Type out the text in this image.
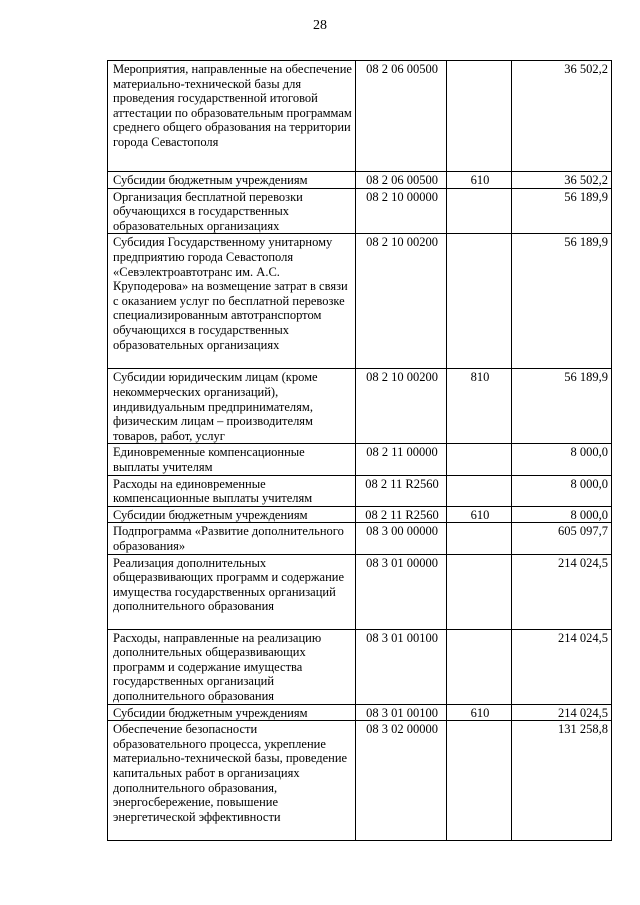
28
Мероприятия, направленные на обеспечение материально-технической базы для проведения государственной итоговой аттестации по образовательным программам среднего общего образования на территории города Севастополя	08 2 06 00500		36 502,2
Субсидии бюджетным учреждениям	08 2 06 00500	610	36 502,2
Организация бесплатной перевозки обучающихся в государственных образовательных организациях	08 2 10 00000		56 189,9
Субсидия Государственному унитарному предприятию города Севастополя «Севэлектроавтотранс им. А.С. Круподерова» на возмещение затрат в связи с оказанием услуг по бесплатной перевозке специализированным автотранспортом обучающихся в государственных образовательных организациях	08 2 10 00200		56 189,9
Субсидии юридическим лицам (кроме некоммерческих организаций), индивидуальным предпринимателям, физическим лицам – производителям товаров, работ, услуг	08 2 10 00200	810	56 189,9
Единовременные компенсационные выплаты учителям	08 2 11 00000		8 000,0
Расходы на единовременные компенсационные выплаты учителям	08 2 11 R2560		8 000,0
Субсидии бюджетным учреждениям	08 2 11 R2560	610	8 000,0
Подпрограмма «Развитие дополнительного образования»	08 3 00 00000		605 097,7
Реализация дополнительных общеразвивающих программ и содержание имущества государственных организаций дополнительного образования	08 3 01 00000		214 024,5
Расходы, направленные на реализацию дополнительных общеразвивающих программ и содержание имущества государственных организаций дополнительного образования	08 3 01 00100		214 024,5
Субсидии бюджетным учреждениям	08 3 01 00100	610	214 024,5
Обеспечение безопасности образовательного процесса, укрепление материально-технической базы, проведение капитальных работ в организациях дополнительного образования, энергосбережение, повышение энергетической эффективности	08 3 02 00000		131 258,8
